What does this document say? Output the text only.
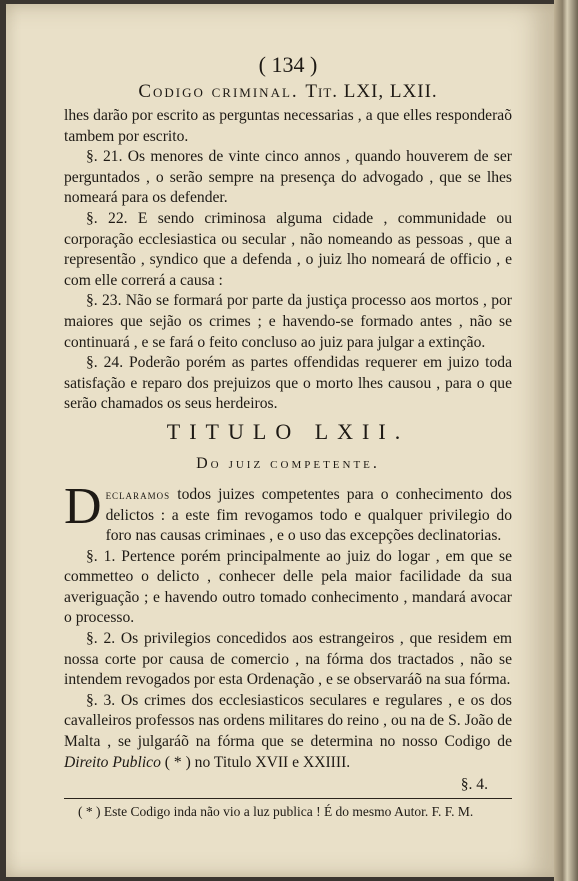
( 134 )
Codigo criminal. Tit. LXI, LXII.

lhes darão por escrito as perguntas necessarias , a que elles responderaõ tambem por escrito.

§. 21. Os menores de vinte cinco annos , quando houverem de ser perguntados , o serão sempre na presença do advogado , que se lhes nomeará para os defender.

§. 22. E sendo criminosa alguma cidade , communidade ou corporação ecclesiastica ou secular , não nomeando as pessoas , que a representão , syndico que a defenda , o juiz lho nomeará de officio , e com elle correrá a causa :

§. 23. Não se formará por parte da justiça processo aos mortos , por maiores que sejão os crimes ; e havendo-se formado antes , não se continuará , e se fará o feito concluso ao juiz para julgar a extinção.

§. 24. Poderão porém as partes offendidas requerer em juizo toda satisfação e reparo dos prejuizos que o morto lhes causou , para o que serão chamados os seus herdeiros.

TITULO LXII.
Do juiz competente.

Declaramos todos juizes competentes para o conhecimento dos delictos : a este fim revogamos todo e qualquer privilegio do foro nas causas criminaes , e o uso das excepções declinatorias.

§. 1. Pertence porém principalmente ao juiz do logar , em que se commetteo o delicto , conhecer delle pela maior facilidade da sua averiguação ; e havendo outro tomado conhecimento , mandará avocar o processo.

§. 2. Os privilegios concedidos aos estrangeiros , que residem em nossa corte por causa de comercio , na fórma dos tractados , não se intendem revogados por esta Ordenação , e se observaráõ na sua fórma.

§. 3. Os crimes dos ecclesiasticos seculares e regulares , e os dos cavalleiros professos nas ordens militares do reino , ou na de S. João de Malta , se julgaráõ na fórma que se determina no nosso Codigo de Direito Publico ( * ) no Titulo XVII e XXIIII.

§. 4.

( * ) Este Codigo inda não vio a luz publica ! É do mesmo Autor. F. F. M.
